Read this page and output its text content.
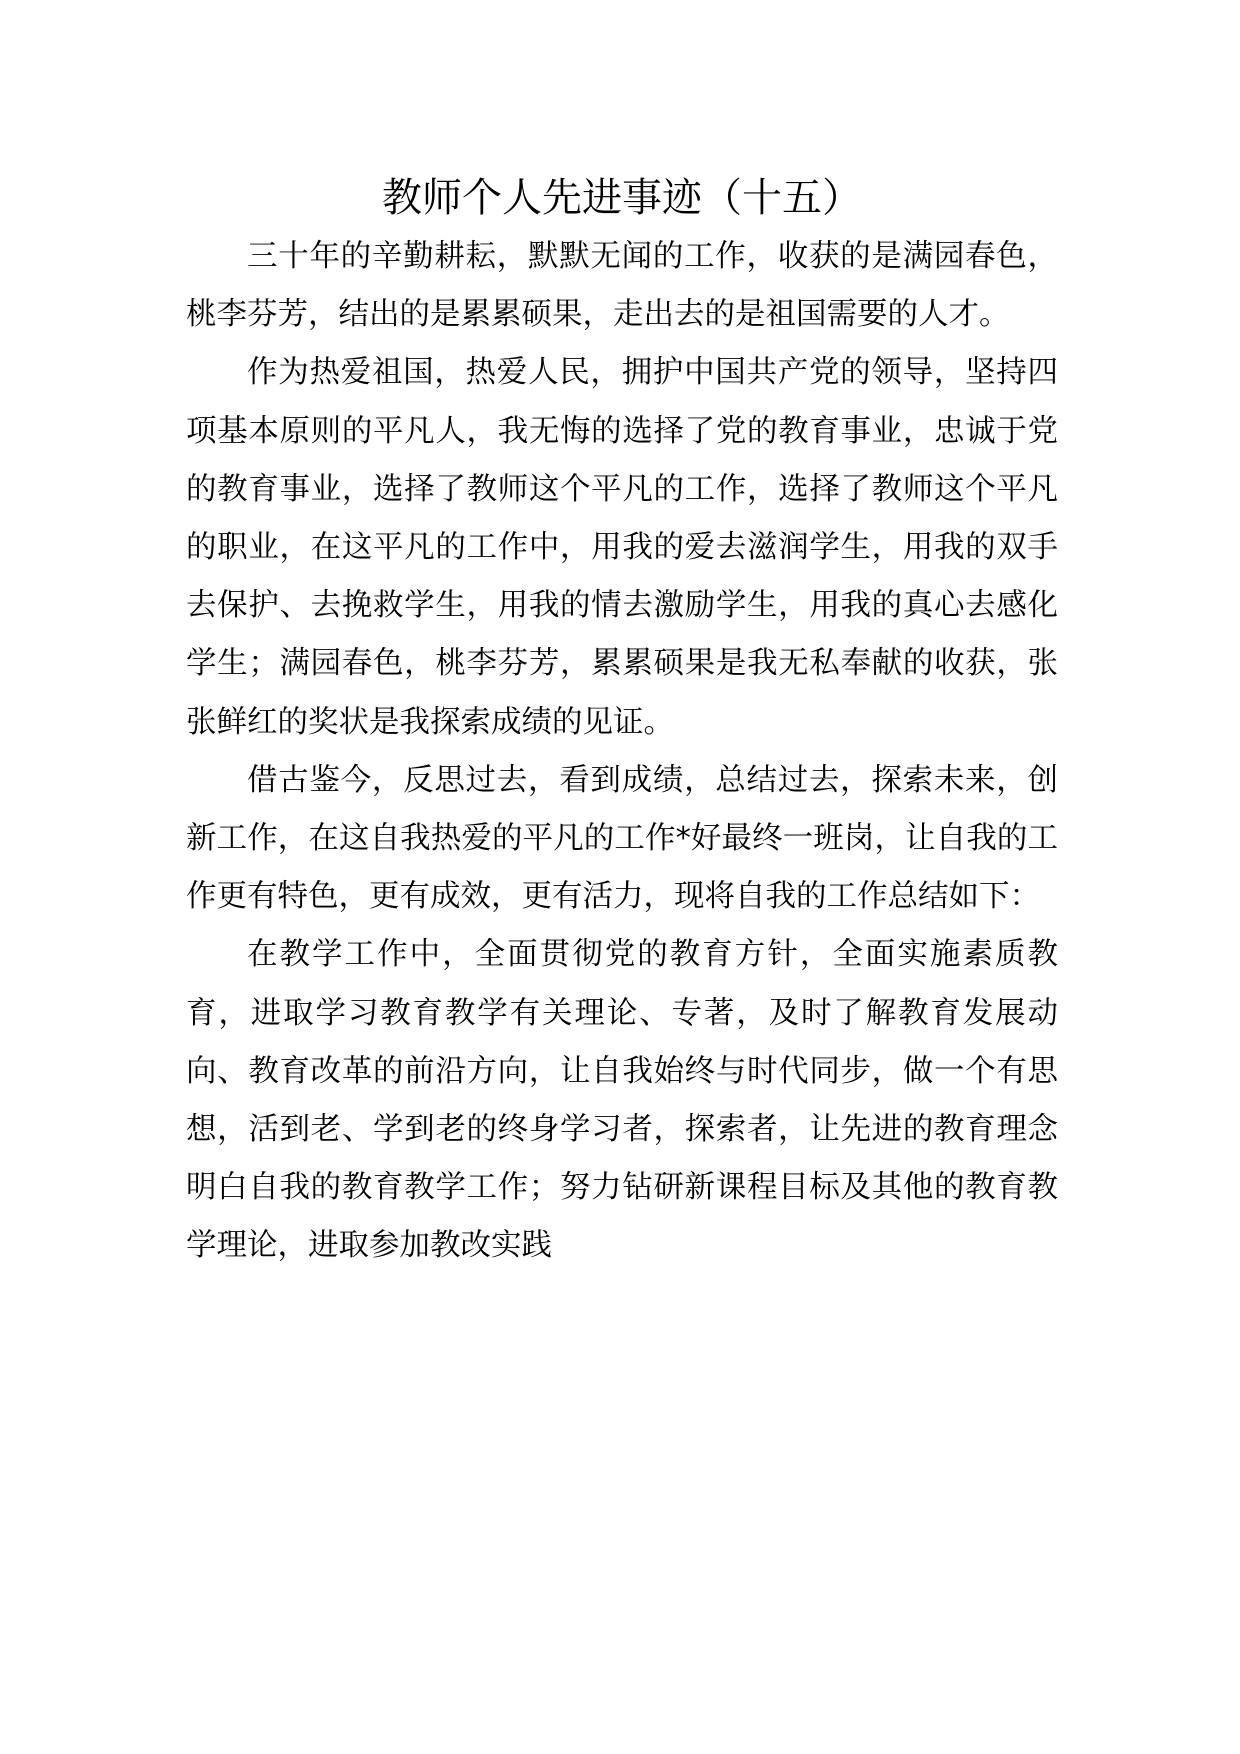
教师个人先进事迹（十五）

三十年的辛勤耕耘，默默无闻的工作，收获的是满园春色，桃李芬芳，结出的是累累硕果，走出去的是祖国需要的人才。

作为热爱祖国，热爱人民，拥护中国共产党的领导，坚持四项基本原则的平凡人，我无悔的选择了党的教育事业，忠诚于党的教育事业，选择了教师这个平凡的工作，选择了教师这个平凡的职业，在这平凡的工作中，用我的爱去滋润学生，用我的双手去保护、去挽救学生，用我的情去激励学生，用我的真心去感化学生；满园春色，桃李芬芳，累累硕果是我无私奉献的收获，张张鲜红的奖状是我探索成绩的见证。

借古鉴今，反思过去，看到成绩，总结过去，探索未来，创新工作，在这自我热爱的平凡的工作*好最终一班岗，让自我的工作更有特色，更有成效，更有活力，现将自我的工作总结如下：

在教学工作中，全面贯彻党的教育方针，全面实施素质教育，进取学习教育教学有关理论、专著，及时了解教育发展动向、教育改革的前沿方向，让自我始终与时代同步，做一个有思想，活到老、学到老的终身学习者，探索者，让先进的教育理念明白自我的教育教学工作；努力钻研新课程目标及其他的教育教学理论，进取参加教改实践
